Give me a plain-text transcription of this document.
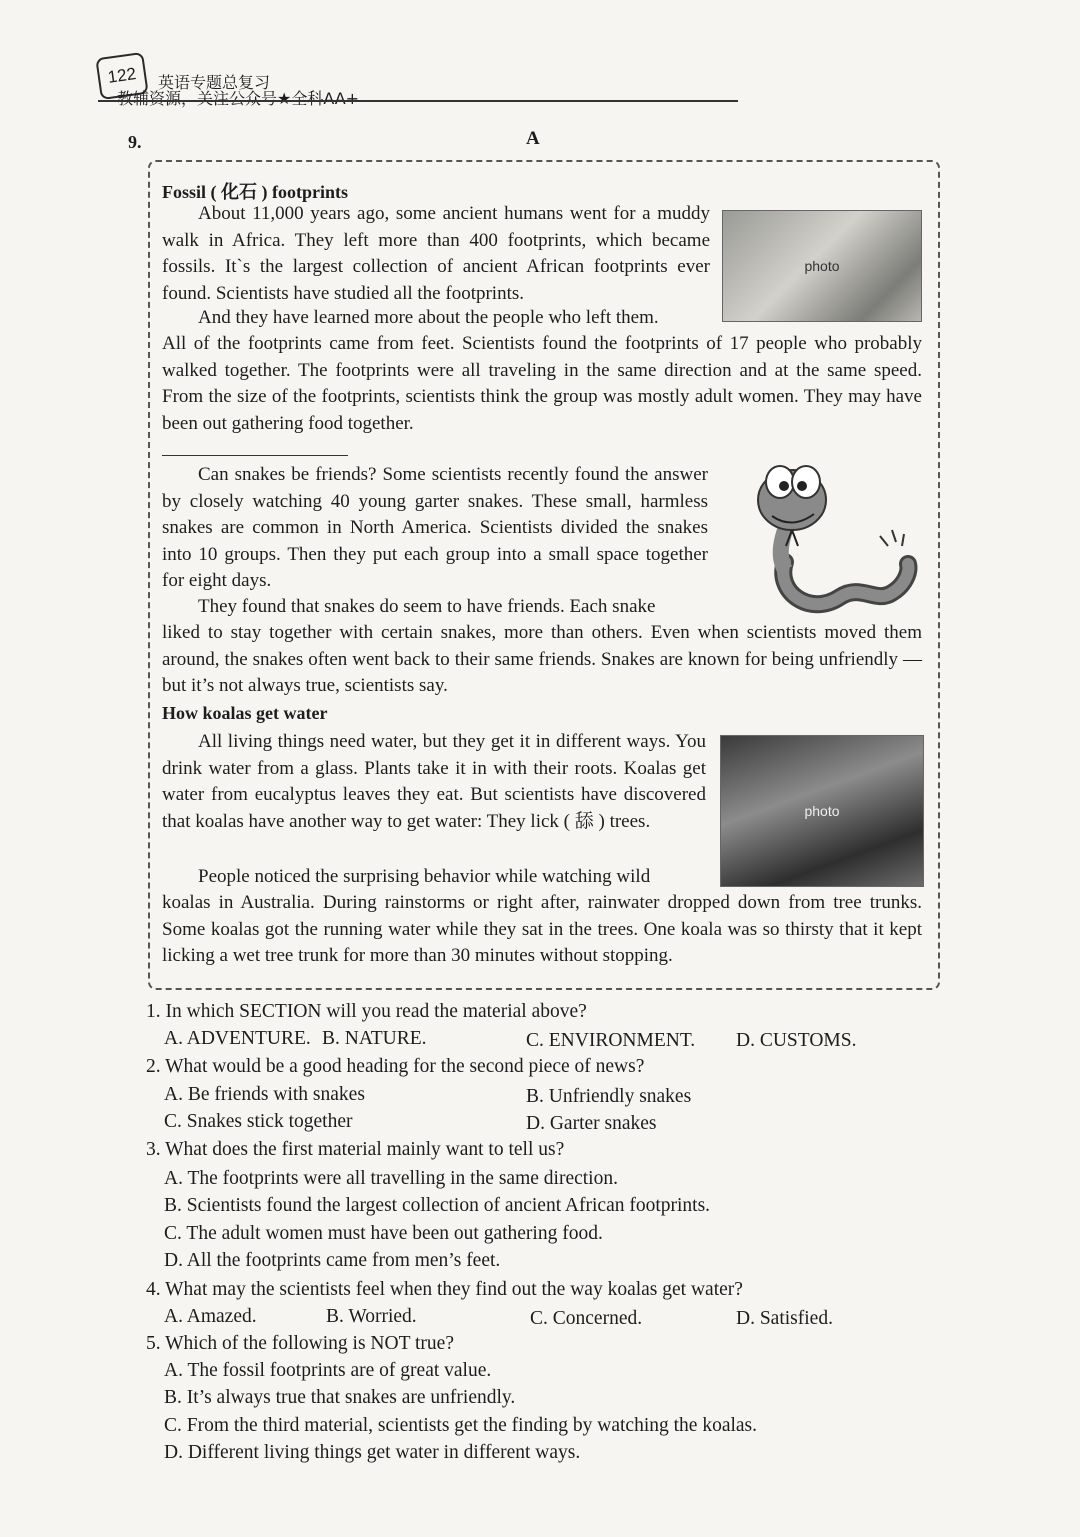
122 英语专题总复习
教辅资源，关注公众号★全科AA+
9.	A
Fossil ( 化石 ) footprints
About 11,000 years ago, some ancient humans went for a muddy walk in Africa. They left more than 400 footprints, which became fossils. It`s the largest collection of ancient African footprints ever found. Scientists have studied all the footprints.
And they have learned more about the people who left them.
All of the footprints came from feet. Scientists found the footprints of 17 people who probably walked together. The footprints were all traveling in the same direction and at the same speed. From the size of the footprints, scientists think the group was mostly adult women. They may have been out gathering food together.
photo
Can snakes be friends? Some scientists recently found the answer by closely watching 40 young garter snakes. These small, harmless snakes are common in North America. Scientists divided the snakes into 10 groups. Then they put each group into a small space together for eight days.
They found that snakes do seem to have friends. Each snake
liked to stay together with certain snakes, more than others. Even when scientists moved them around, the snakes often went back to their same friends. Snakes are known for being unfriendly — but it’s not always true, scientists say.
How koalas get water
All living things need water, but they get it in different ways. You drink water from a glass. Plants take it in with their roots. Koalas get water from eucalyptus leaves they eat. But scientists have discovered that koalas have another way to get water: They lick ( 舔 ) trees.
People noticed the surprising behavior while watching wild
koalas in Australia. During rainstorms or right after, rainwater dropped down from tree trunks. Some koalas got the running water while they sat in the trees. One koala was so thirsty that it kept licking a wet tree trunk for more than 30 minutes without stopping.
photo
1. In which SECTION will you read the material above?
A. ADVENTURE. B. NATURE.	C. ENVIRONMENT. D. CUSTOMS.
2. What would be a good heading for the second piece of news?
A. Be friends with snakes	B. Unfriendly snakes
C. Snakes stick together	D. Garter snakes
3. What does the first material mainly want to tell us?
A. The footprints were all travelling in the same direction.
B. Scientists found the largest collection of ancient African footprints.
C. The adult women must have been out gathering food.
D. All the footprints came from men’s feet.
4. What may the scientists feel when they find out the way koalas get water?
A. Amazed.	B. Worried.	C. Concerned.	D. Satisfied.
5. Which of the following is NOT true?
A. The fossil footprints are of great value.
B. It’s always true that snakes are unfriendly.
C. From the third material, scientists get the finding by watching the koalas.
D. Different living things get water in different ways.
